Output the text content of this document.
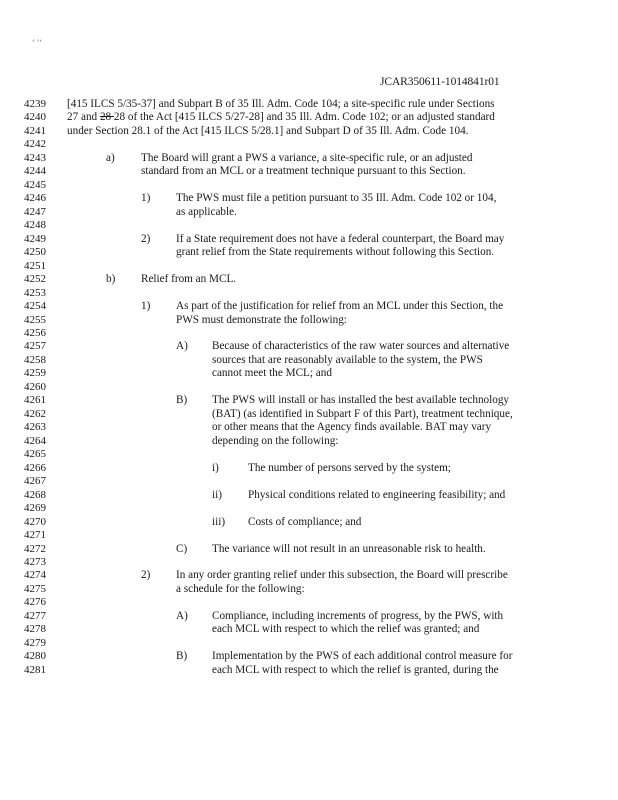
‘ ’‘
JCAR350611-1014841r01
4239 [415 ILCS 5/35-37] and Subpart B of 35 Ill. Adm. Code 104; a site-specific rule under Sections
4240 27 and 28 28 of the Act [415 ILCS 5/27-28] and 35 Ill. Adm. Code 102; or an adjusted standard
4241 under Section 28.1 of the Act [415 ILCS 5/28.1] and Subpart D of 35 Ill. Adm. Code 104.
4242
4243	a) The Board will grant a PWS a variance, a site-specific rule, or an adjusted
4244	standard from an MCL or a treatment technique pursuant to this Section.
4245
4246	1) The PWS must file a petition pursuant to 35 Ill. Adm. Code 102 or 104,
4247	as applicable.
4248
4249	2) If a State requirement does not have a federal counterpart, the Board may
4250	grant relief from the State requirements without following this Section.
4251
4252	b) Relief from an MCL.
4253
4254	1) As part of the justification for relief from an MCL under this Section, the
4255	PWS must demonstrate the following:
4256
4257	A) Because of characteristics of the raw water sources and alternative
4258	sources that are reasonably available to the system, the PWS
4259	cannot meet the MCL; and
4260
4261	B) The PWS will install or has installed the best available technology
4262	(BAT) (as identified in Subpart F of this Part), treatment technique,
4263	or other means that the Agency finds available. BAT may vary
4264	depending on the following:
4265
4266	i)	The number of persons served by the system;
4267
4268	ii) Physical conditions related to engineering feasibility; and
4269
4270	iii) Costs of compliance; and
4271
4272	C) The variance will not result in an unreasonable risk to health.
4273
4274	2) In any order granting relief under this subsection, the Board will prescribe
4275	a schedule for the following:
4276
4277	A) Compliance, including increments of progress, by the PWS, with
4278	each MCL with respect to which the relief was granted; and
4279
4280	B) Implementation by the PWS of each additional control measure for
4281	each MCL with respect to which the relief is granted, during the
